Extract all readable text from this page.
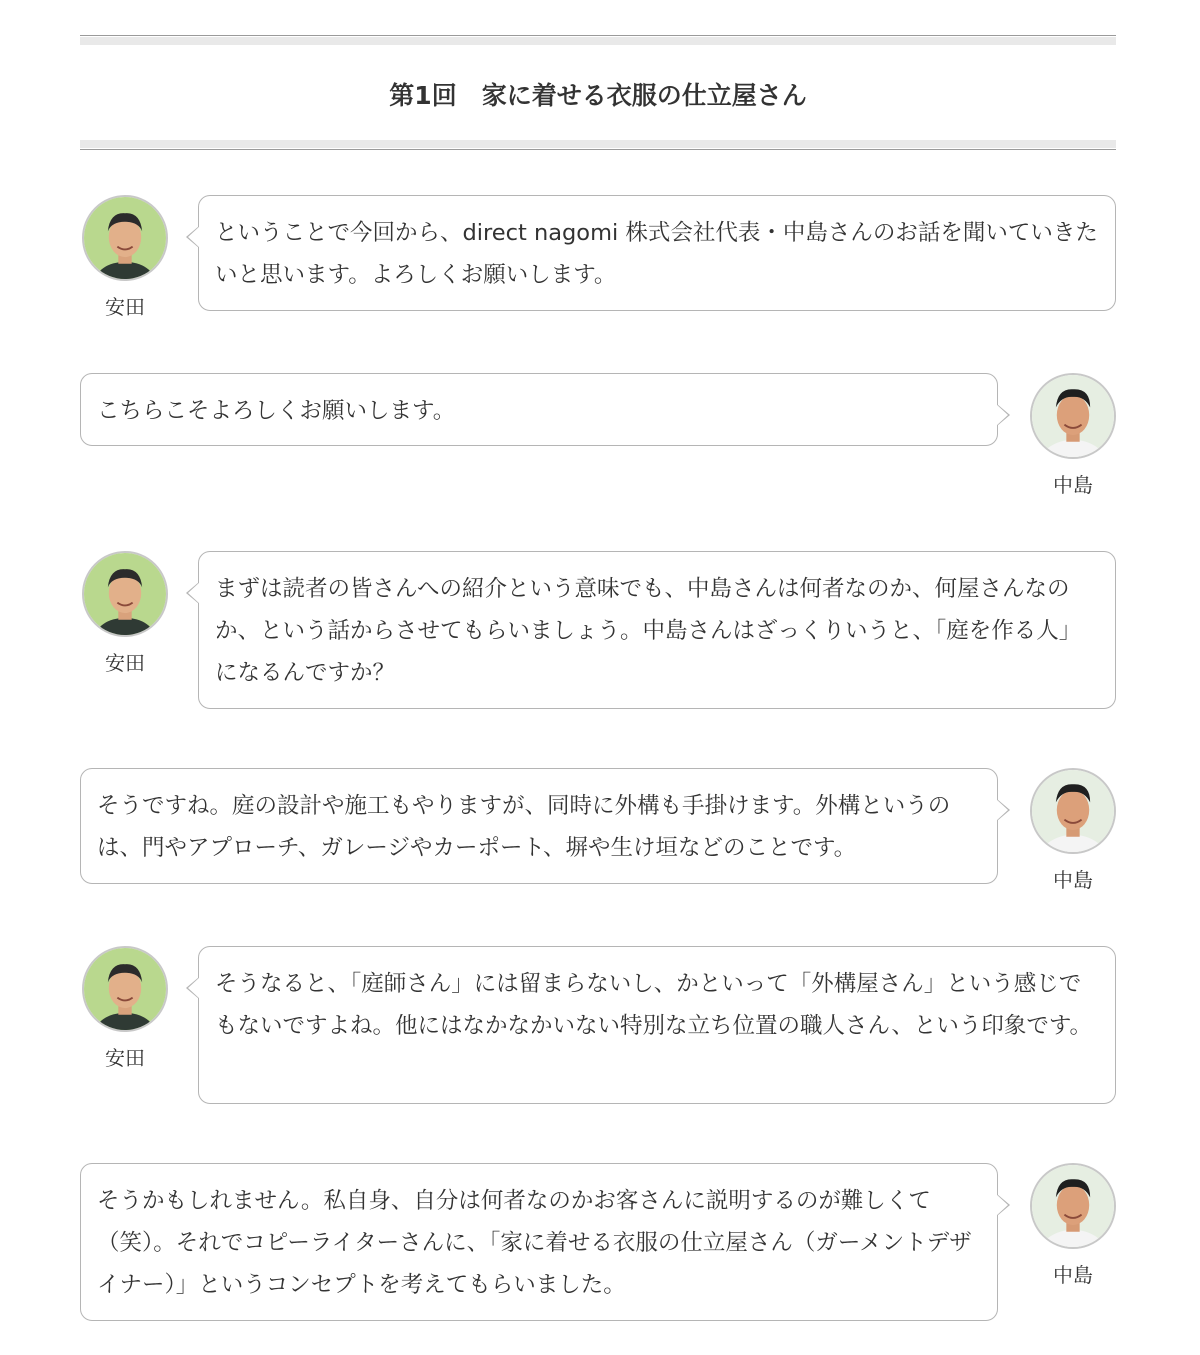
第1回　家に着せる衣服の仕立屋さん
安田
ということで今回から、direct nagomi 株式会社代表・中島さんのお話を聞いていきたいと思います。よろしくお願いします。
こちらこそよろしくお願いします。
中島
安田
まずは読者の皆さんへの紹介という意味でも、中島さんは何者なのか、何屋さんなのか、という話からさせてもらいましょう。中島さんはざっくりいうと、「庭を作る人」になるんですか？
そうですね。庭の設計や施工もやりますが、同時に外構も手掛けます。外構というのは、門やアプローチ、ガレージやカーポート、塀や生け垣などのことです。
中島
安田
そうなると、「庭師さん」には留まらないし、かといって「外構屋さん」という感じでもないですよね。他にはなかなかいない特別な立ち位置の職人さん、という印象です。
そうかもしれません。私自身、自分は何者なのかお客さんに説明するのが難しくて（笑）。それでコピーライターさんに、「家に着せる衣服の仕立屋さん（ガーメントデザイナー）」というコンセプトを考えてもらいました。	中島
